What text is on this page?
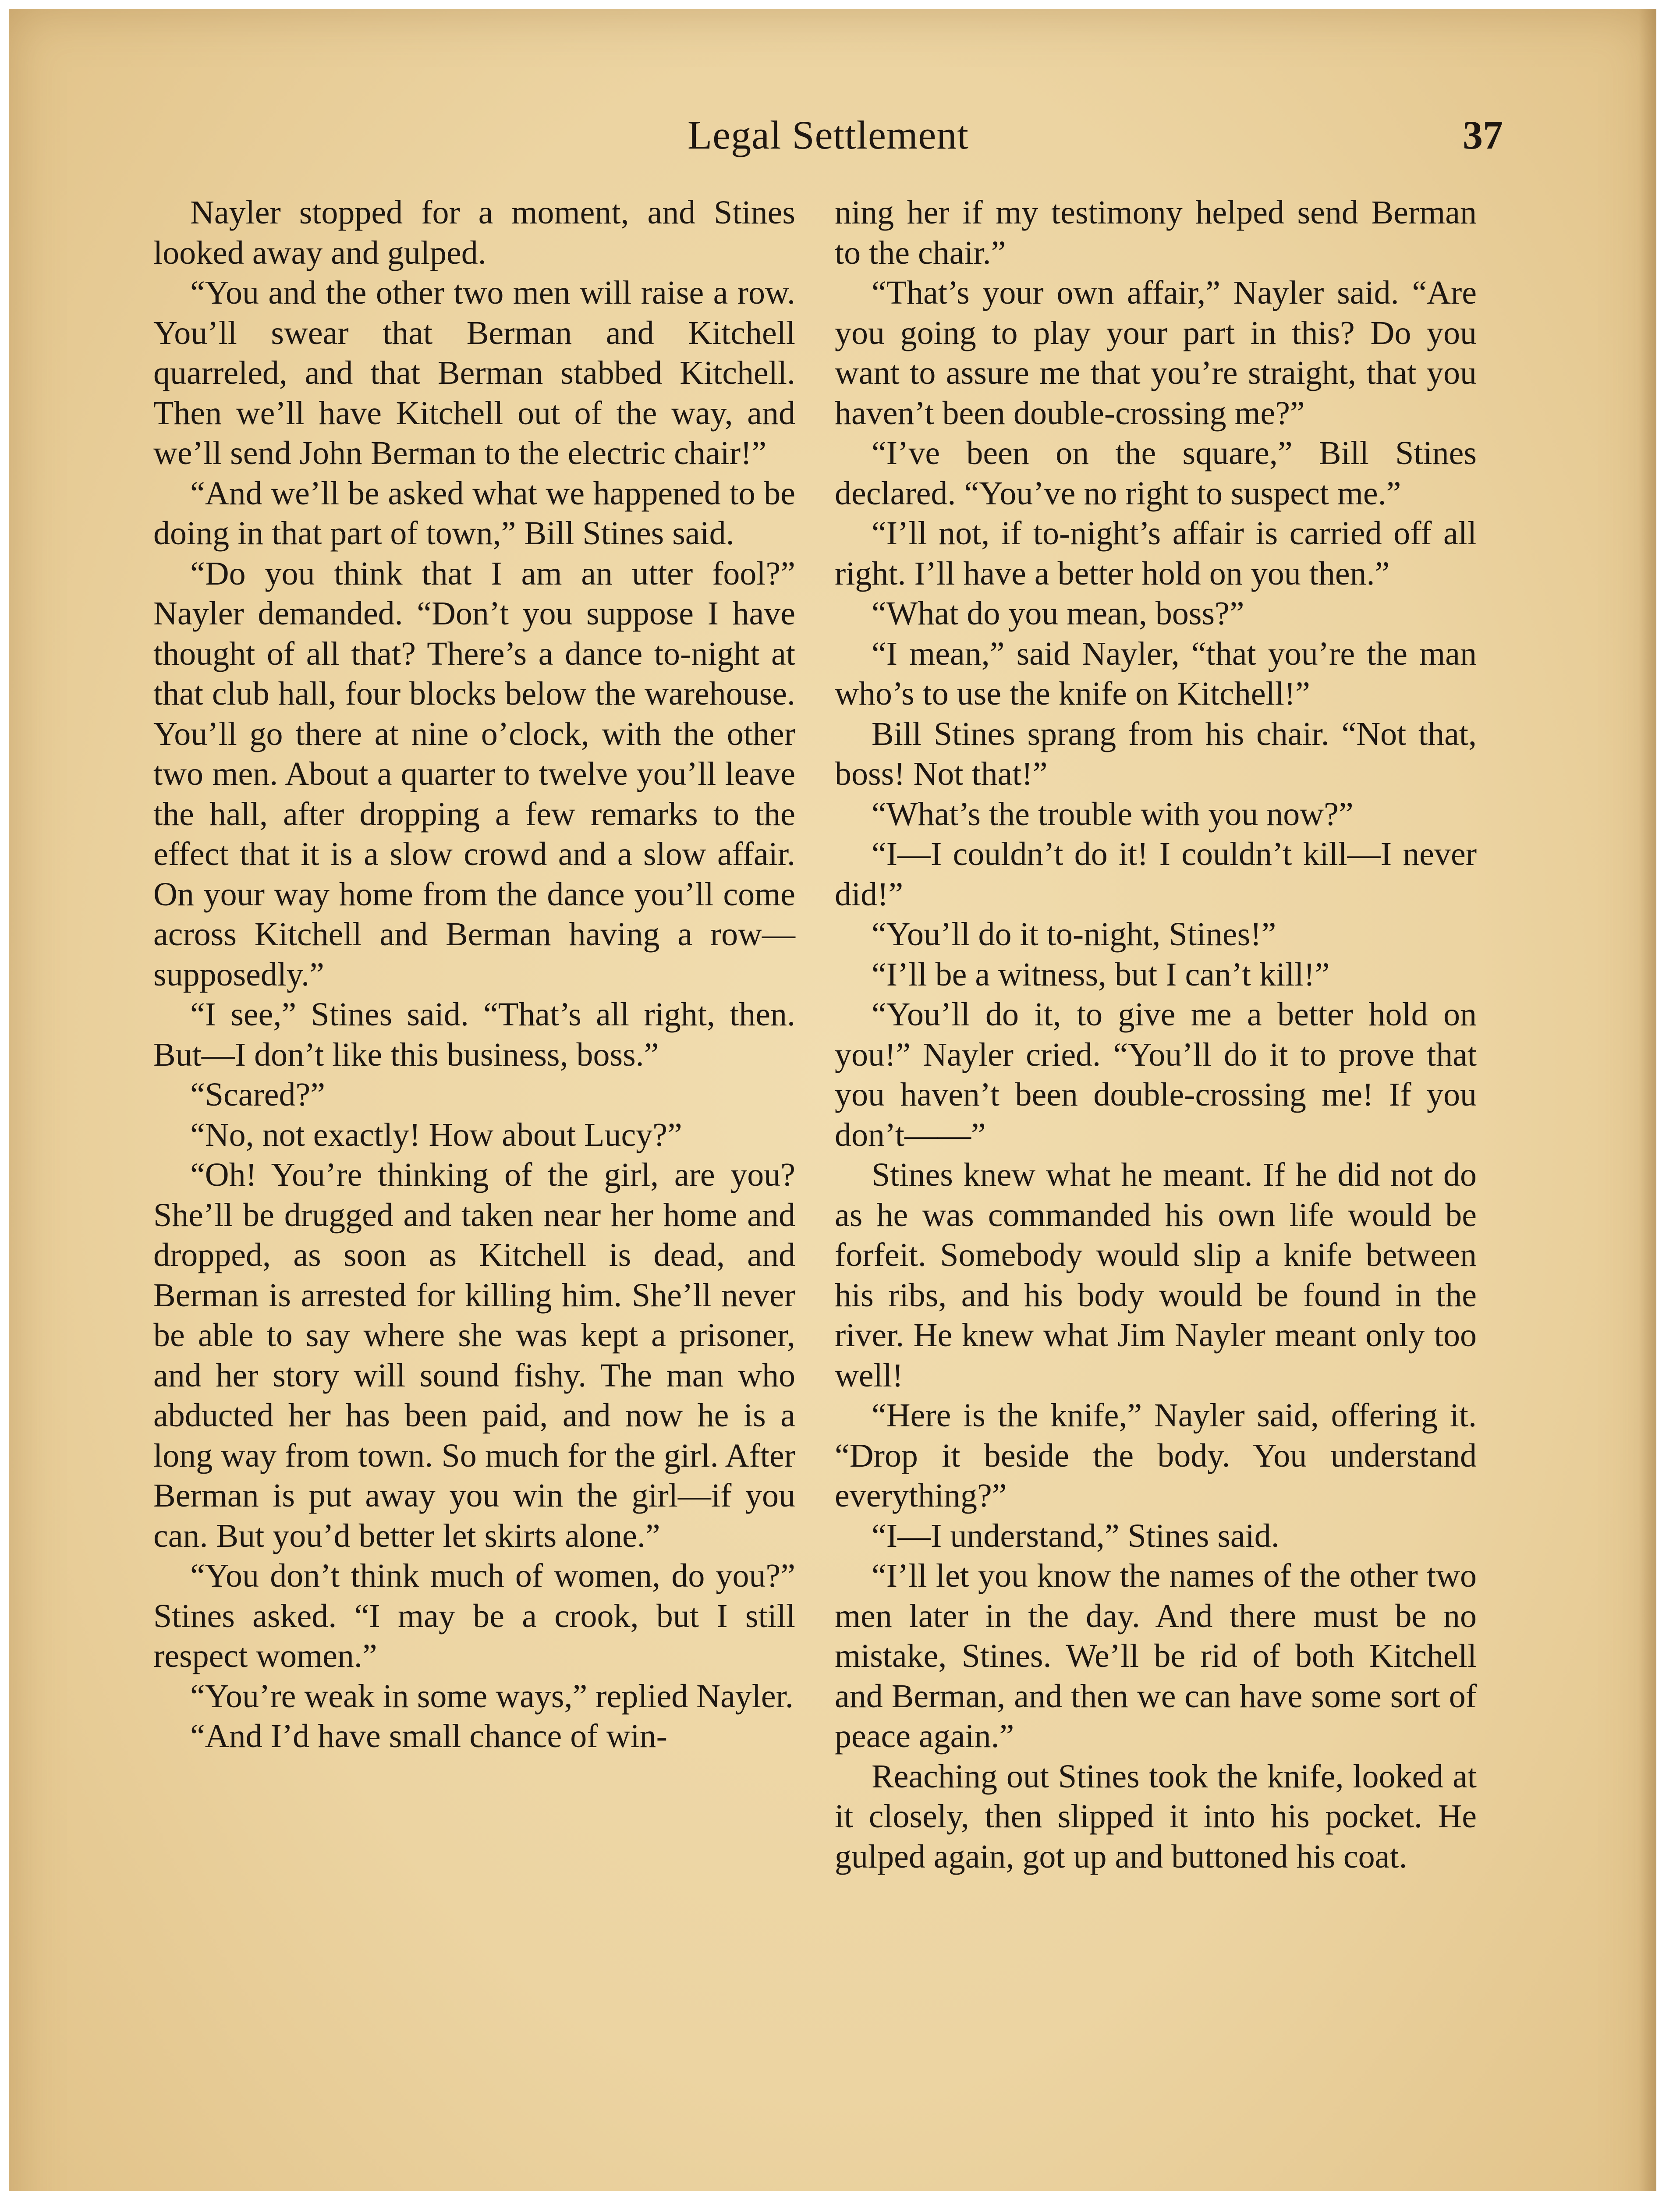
Legal Settlement	37

Nayler stopped for a moment, and Stines looked away and gulped.

“You and the other two men will raise a row. You’ll swear that Berman and Kitchell quarreled, and that Berman stabbed Kitchell. Then we’ll have Kitchell out of the way, and we’ll send John Berman to the electric chair!”

“And we’ll be asked what we happened to be doing in that part of town,” Bill Stines said.

“Do you think that I am an utter fool?” Nayler demanded. “Don’t you suppose I have thought of all that? There’s a dance to-night at that club hall, four blocks below the warehouse. You’ll go there at nine o’clock, with the other two men. About a quarter to twelve you’ll leave the hall, after dropping a few remarks to the effect that it is a slow crowd and a slow affair. On your way home from the dance you’ll come across Kitchell and Berman having a row—supposedly.”

“I see,” Stines said. “That’s all right, then. But—I don’t like this business, boss.”

“Scared?”

“No, not exactly! How about Lucy?”

“Oh! You’re thinking of the girl, are you? She’ll be drugged and taken near her home and dropped, as soon as Kitchell is dead, and Berman is arrested for killing him. She’ll never be able to say where she was kept a prisoner, and her story will sound fishy. The man who abducted her has been paid, and now he is a long way from town. So much for the girl. After Berman is put away you win the girl—if you can. But you’d better let skirts alone.”

“You don’t think much of women, do you?” Stines asked. “I may be a crook, but I still respect women.”

“You’re weak in some ways,” replied Nayler.

“And I’d have small chance of win-

ning her if my testimony helped send Berman to the chair.”

“That’s your own affair,” Nayler said. “Are you going to play your part in this? Do you want to assure me that you’re straight, that you haven’t been double-crossing me?”

“I’ve been on the square,” Bill Stines declared. “You’ve no right to suspect me.”

“I’ll not, if to-night’s affair is carried off all right. I’ll have a better hold on you then.”

“What do you mean, boss?”

“I mean,” said Nayler, “that you’re the man who’s to use the knife on Kitchell!”

Bill Stines sprang from his chair. “Not that, boss! Not that!”

“What’s the trouble with you now?”

“I—I couldn’t do it! I couldn’t kill—I never did!”

“You’ll do it to-night, Stines!”

“I’ll be a witness, but I can’t kill!”

“You’ll do it, to give me a better hold on you!” Nayler cried. “You’ll do it to prove that you haven’t been double-crossing me! If you don’t——”

Stines knew what he meant. If he did not do as he was commanded his own life would be forfeit. Somebody would slip a knife between his ribs, and his body would be found in the river. He knew what Jim Nayler meant only too well!

“Here is the knife,” Nayler said, offering it. “Drop it beside the body. You understand everything?”

“I—I understand,” Stines said.

“I’ll let you know the names of the other two men later in the day. And there must be no mistake, Stines. We’ll be rid of both Kitchell and Berman, and then we can have some sort of peace again.”

Reaching out Stines took the knife, looked at it closely, then slipped it into his pocket. He gulped again, got up and buttoned his coat.
